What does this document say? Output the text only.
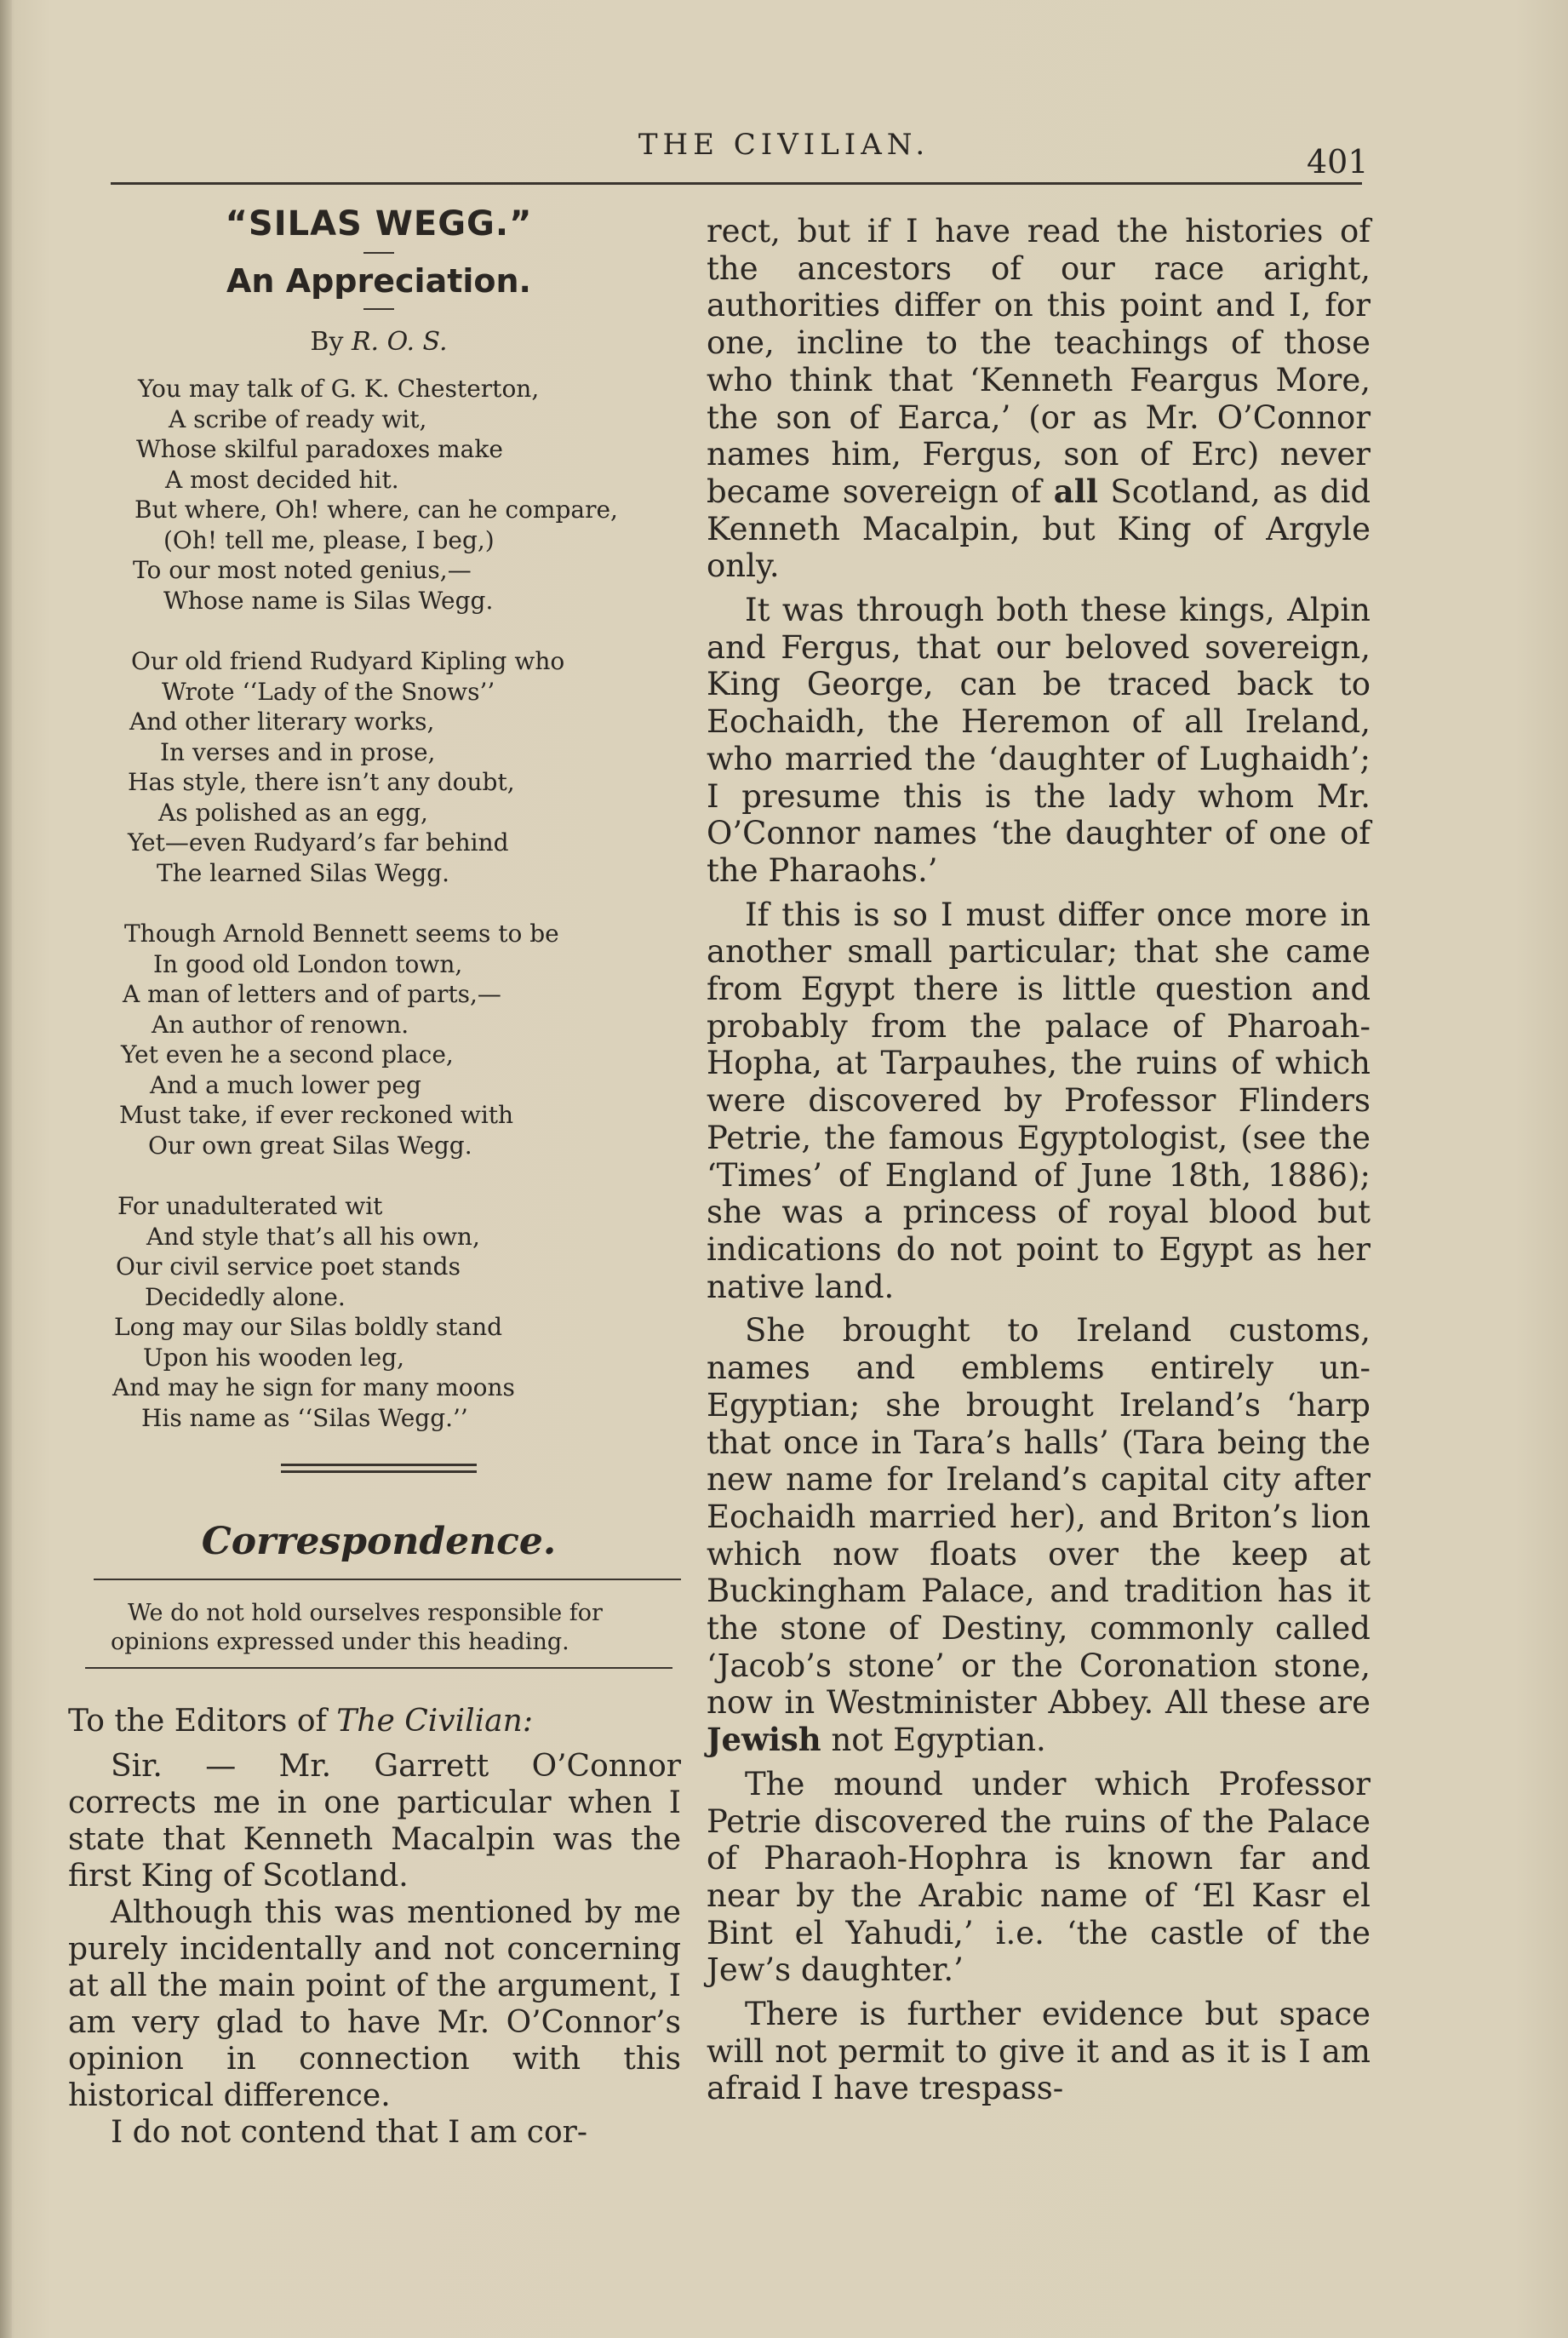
THE CIVILIAN.	401
“SILAS WEGG.”
An Appreciation.
By R. O. S.
You may talk of G. K. Chesterton,
A scribe of ready wit,
Whose skilful paradoxes make
A most decided hit.
But where, Oh! where, can he compare,
(Oh! tell me, please, I beg,)
To our most noted genius,—
Whose name is Silas Wegg.
Our old friend Rudyard Kipling who
Wrote ‘‘Lady of the Snows’’
And other literary works,
In verses and in prose,
Has style, there isn’t any doubt,
As polished as an egg,
Yet—even Rudyard’s far behind
The learned Silas Wegg.
Though Arnold Bennett seems to be
In good old London town,
A man of letters and of parts,—
An author of renown.
Yet even he a second place,
And a much lower peg
Must take, if ever reckoned with
Our own great Silas Wegg.
For unadulterated wit
And style that’s all his own,
Our civil service poet stands
Decidedly alone.
Long may our Silas boldly stand
Upon his wooden leg,
And may he sign for many moons
His name as ‘‘Silas Wegg.’’
Correspondence.
We do not hold ourselves responsible for opinions expressed under this heading.

To the Editors of The Civilian:

Sir. — Mr. Garrett O’Connor corrects me in one particular when I state that Kenneth Macalpin was the first King of Scotland.

Although this was mentioned by me purely incidentally and not concerning at all the main point of the argument, I am very glad to have Mr. O’Connor’s opinion in connection with this historical difference.

I do not contend that I am cor-

rect, but if I have read the histories of the ancestors of our race aright, authorities differ on this point and I, for one, incline to the teachings of those who think that ‘Kenneth Feargus More, the son of Earca,’ (or as Mr. O’Connor names him, Fergus, son of Erc) never became sovereign of all Scotland, as did Kenneth Macalpin, but King of Argyle only.

It was through both these kings, Alpin and Fergus, that our beloved sovereign, King George, can be traced back to Eochaidh, the Heremon of all Ireland, who married the ‘daughter of Lughaidh’; I presume this is the lady whom Mr. O’Connor names ‘the daughter of one of the Pharaohs.’

If this is so I must differ once more in another small particular; that she came from Egypt there is little question and probably from the palace of Pharoah-Hopha, at Tarpauhes, the ruins of which were discovered by Professor Flinders Petrie, the famous Egyptologist, (see the ‘Times’ of England of June 18th, 1886); she was a princess of royal blood but indications do not point to Egypt as her native land.

She brought to Ireland customs, names and emblems entirely un-Egyptian; she brought Ireland’s ‘harp that once in Tara’s halls’ (Tara being the new name for Ireland’s capital city after Eochaidh married her), and Briton’s lion which now floats over the keep at Buckingham Palace, and tradition has it the stone of Destiny, commonly called ‘Jacob’s stone’ or the Coronation stone, now in Westminister Abbey. All these are Jewish not Egyptian.

The mound under which Professor Petrie discovered the ruins of the Palace of Pharaoh-Hophra is known far and near by the Arabic name of ‘El Kasr el Bint el Yahudi,’ i.e. ‘the castle of the Jew’s daughter.’

There is further evidence but space will not permit to give it and as it is I am afraid I have trespass-
